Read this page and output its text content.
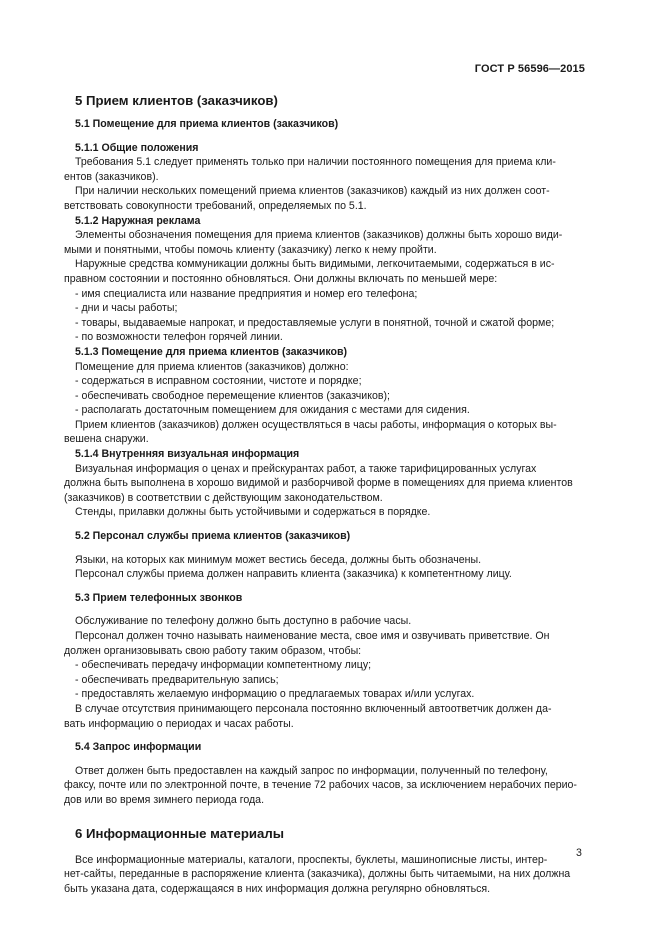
ГОСТ Р 56596—2015
5 Прием клиентов (заказчиков)
5.1 Помещение для приема клиентов (заказчиков)
5.1.1 Общие положения
Требования 5.1 следует применять только при наличии постоянного помещения для приема кли-
ентов (заказчиков).
При наличии нескольких помещений приема клиентов (заказчиков) каждый из них должен соот-
ветствовать совокупности требований, определяемых по 5.1.
5.1.2 Наружная реклама
Элементы обозначения помещения для приема клиентов (заказчиков) должны быть хорошо види-
мыми и понятными, чтобы помочь клиенту (заказчику) легко к нему пройти.
Наружные средства коммуникации должны быть видимыми, легкочитаемыми, содержаться в ис-
правном состоянии и постоянно обновляться. Они должны включать по меньшей мере:
- имя специалиста или название предприятия и номер его телефона;
- дни и часы работы;
- товары, выдаваемые напрокат, и предоставляемые услуги в понятной, точной и сжатой форме;
- по возможности телефон горячей линии.
5.1.3 Помещение для приема клиентов (заказчиков)
Помещение для приема клиентов (заказчиков) должно:
- содержаться в исправном состоянии, чистоте и порядке;
- обеспечивать свободное перемещение клиентов (заказчиков);
- располагать достаточным помещением для ожидания с местами для сидения.
Прием клиентов (заказчиков) должен осуществляться в часы работы, информация о которых вы-
вешена снаружи.
5.1.4 Внутренняя визуальная информация
Визуальная информация о ценах и прейскурантах работ, а также тарифицированных услугах
должна быть выполнена в хорошо видимой и разборчивой форме в помещениях для приема клиентов
(заказчиков) в соответствии с действующим законодательством.
Стенды, прилавки должны быть устойчивыми и содержаться в порядке.
5.2 Персонал службы приема клиентов (заказчиков)
Языки, на которых как минимум может вестись беседа, должны быть обозначены.
Персонал службы приема должен направить клиента (заказчика) к компетентному лицу.
5.3 Прием телефонных звонков
Обслуживание по телефону должно быть доступно в рабочие часы.
Персонал должен точно называть наименование места, свое имя и озвучивать приветствие. Он
должен организовывать свою работу таким образом, чтобы:
- обеспечивать передачу информации компетентному лицу;
- обеспечивать предварительную запись;
- предоставлять желаемую информацию о предлагаемых товарах и/или услугах.
В случае отсутствия принимающего персонала постоянно включенный автоответчик должен да-
вать информацию о периодах и часах работы.
5.4 Запрос информации
Ответ должен быть предоставлен на каждый запрос по информации, полученный по телефону,
факсу, почте или по электронной почте, в течение 72 рабочих часов, за исключением нерабочих перио-
дов или во время зимнего периода года.
6 Информационные материалы
Все информационные материалы, каталоги, проспекты, буклеты, машинописные листы, интер-
нет-сайты, переданные в распоряжение клиента (заказчика), должны быть читаемыми, на них должна
быть указана дата, содержащаяся в них информация должна регулярно обновляться.
3
